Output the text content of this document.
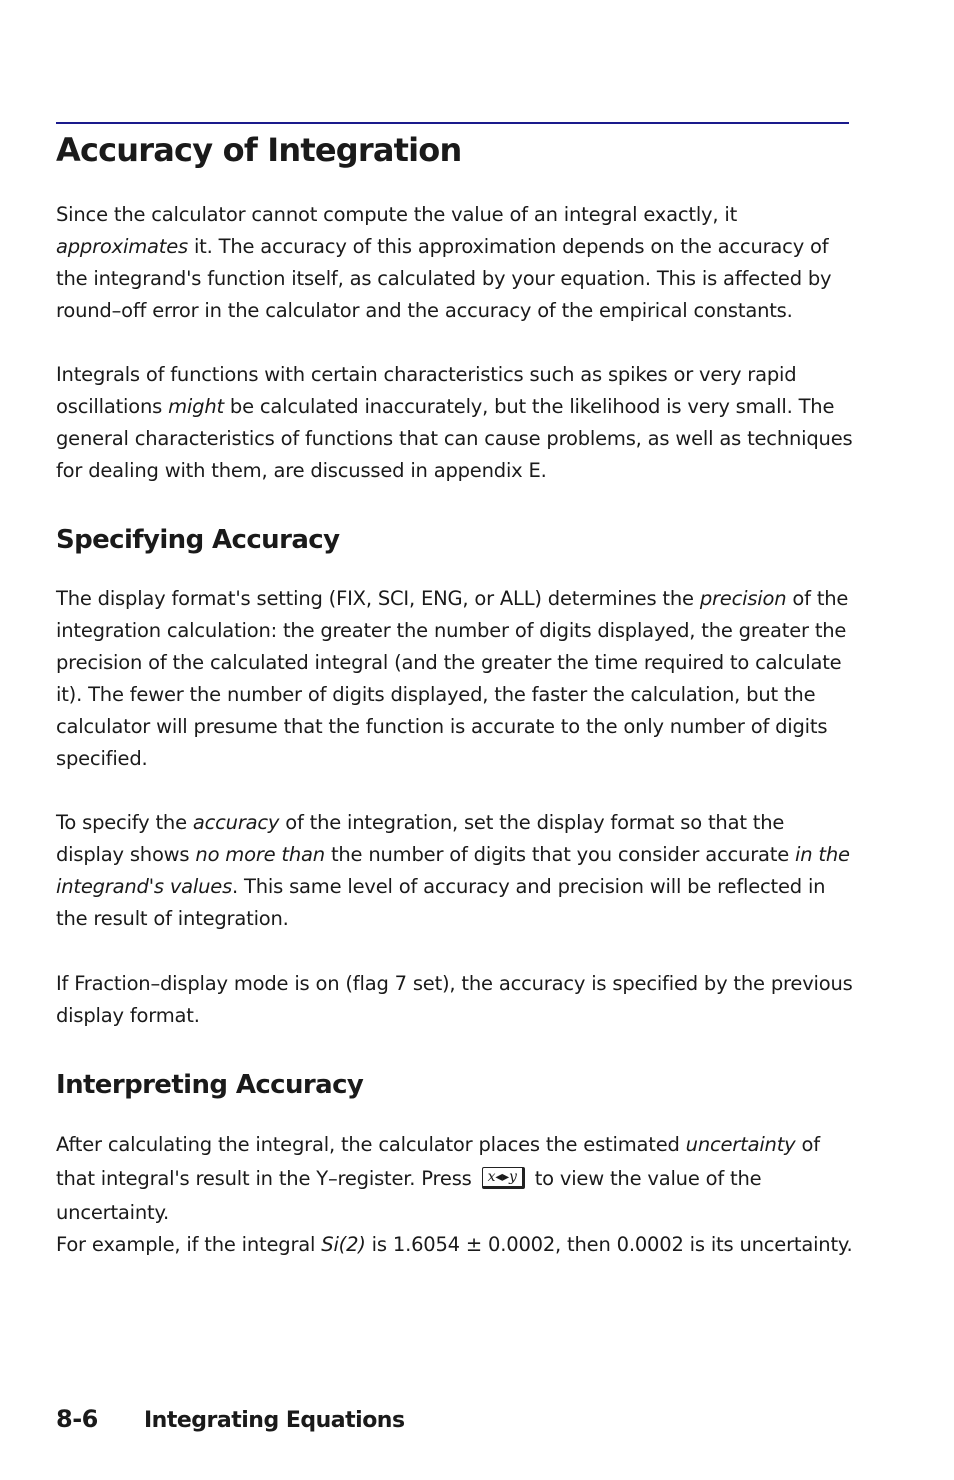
Accuracy of Integration

Since the calculator cannot compute the value of an integral exactly, it approximates it. The accuracy of this approximation depends on the accuracy of the integrand's function itself, as calculated by your equation. This is affected by round–off error in the calculator and the accuracy of the empirical constants.

Integrals of functions with certain characteristics such as spikes or very rapid oscillations might be calculated inaccurately, but the likelihood is very small. The general characteristics of functions that can cause problems, as well as techniques for dealing with them, are discussed in appendix E.

Specifying Accuracy

The display format's setting (FIX, SCI, ENG, or ALL) determines the precision of the integration calculation: the greater the number of digits displayed, the greater the precision of the calculated integral (and the greater the time required to calculate it). The fewer the number of digits displayed, the faster the calculation, but the calculator will presume that the function is accurate to the only number of digits specified.

To specify the accuracy of the integration, set the display format so that the display shows no more than the number of digits that you consider accurate in the integrand's values. This same level of accuracy and precision will be reflected in the result of integration.

If Fraction–display mode is on (flag 7 set), the accuracy is specified by the previous display format.

Interpreting Accuracy

After calculating the integral, the calculator places the estimated uncertainty of that integral's result in the Y–register. Press x◂▸y to view the value of the uncertainty.

For example, if the integral Si(2) is 1.6054 ± 0.0002, then 0.0002 is its uncertainty.

8-6 Integrating Equations
